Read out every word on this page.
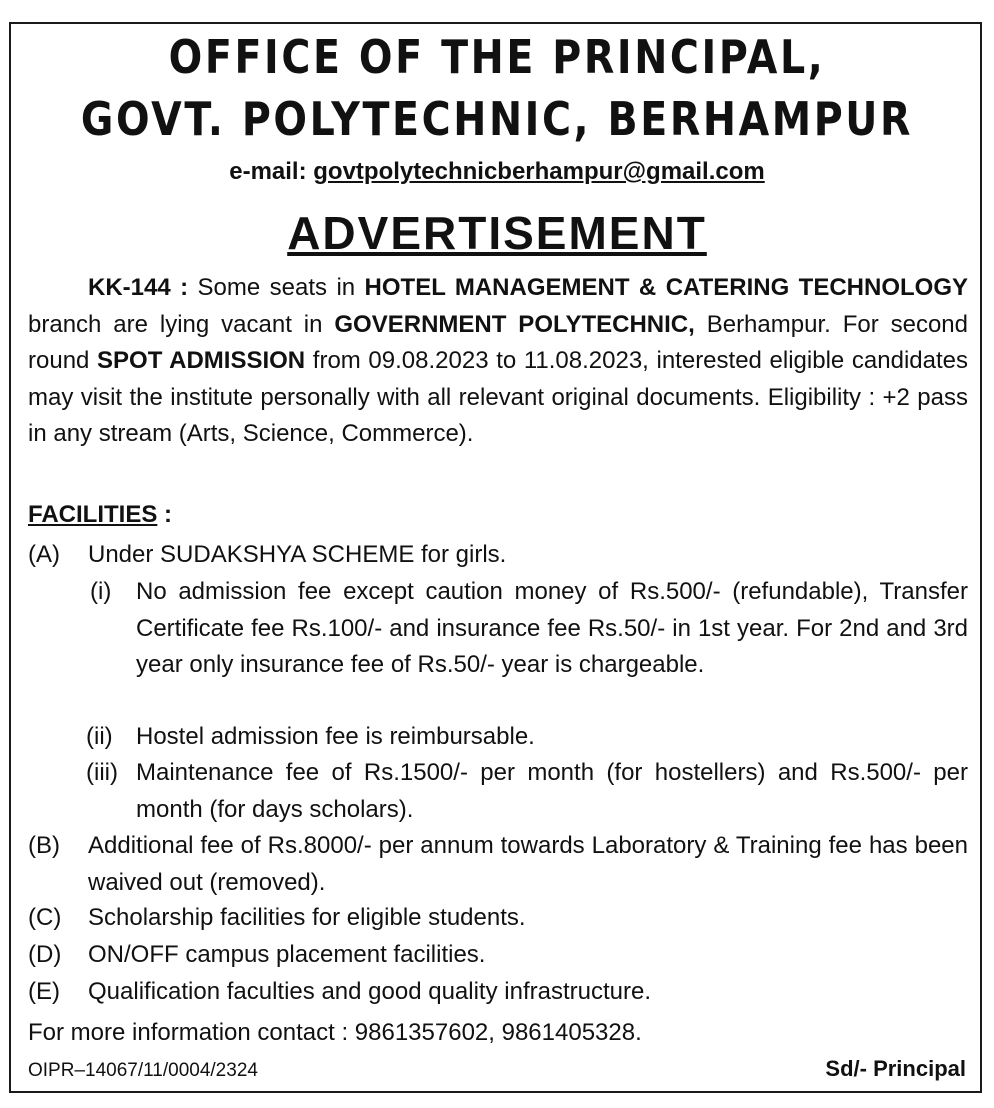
OFFICE OF THE PRINCIPAL,
GOVT. POLYTECHNIC, BERHAMPUR
e-mail: govtpolytechnicberhampur@gmail.com
ADVERTISEMENT
KK-144 : Some seats in HOTEL MANAGEMENT & CATERING TECHNOLOGY branch are lying vacant in GOVERNMENT POLYTECHNIC, Berhampur. For second round SPOT ADMISSION from 09.08.2023 to 11.08.2023, interested eligible candidates may visit the institute personally with all relevant original documents. Eligibility : +2 pass in any stream (Arts, Science, Commerce).
FACILITIES :
(A) Under SUDAKSHYA SCHEME for girls.
(i) No admission fee except caution money of Rs.500/- (refundable), Transfer Certificate fee Rs.100/- and insurance fee Rs.50/- in 1st year. For 2nd and 3rd year only insurance fee of Rs.50/- year is chargeable.
(ii) Hostel admission fee is reimbursable.
(iii) Maintenance fee of Rs.1500/- per month (for hostellers) and Rs.500/- per month (for days scholars).
(B) Additional fee of Rs.8000/- per annum towards Laboratory & Training fee has been waived out (removed).
(C) Scholarship facilities for eligible students.
(D) ON/OFF campus placement facilities.
(E) Qualification faculties and good quality infrastructure.
For more information contact : 9861357602, 9861405328.
OIPR–14067/11/0004/2324	Sd/- Principal
